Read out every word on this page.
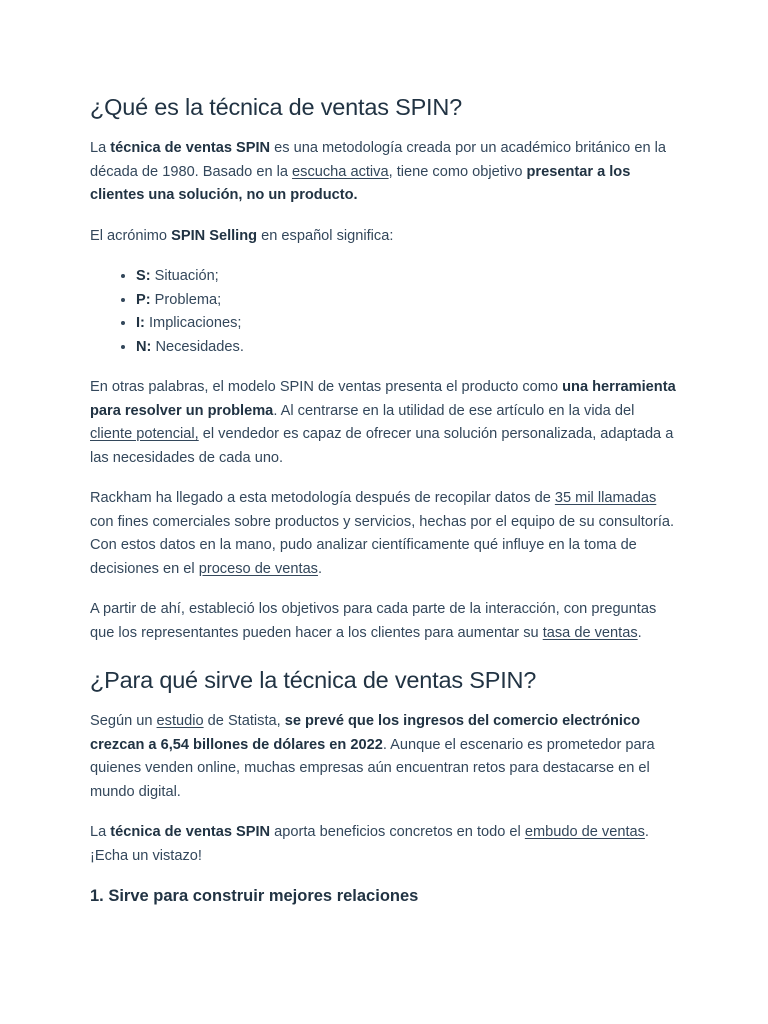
¿Qué es la técnica de ventas SPIN?

La técnica de ventas SPIN es una metodología creada por un académico británico en la década de 1980. Basado en la escucha activa, tiene como objetivo presentar a los clientes una solución, no un producto.

El acrónimo SPIN Selling en español significa:

• S: Situación;
• P: Problema;
• I: Implicaciones;
• N: Necesidades.

En otras palabras, el modelo SPIN de ventas presenta el producto como una herramienta para resolver un problema. Al centrarse en la utilidad de ese artículo en la vida del cliente potencial, el vendedor es capaz de ofrecer una solución personalizada, adaptada a las necesidades de cada uno.

Rackham ha llegado a esta metodología después de recopilar datos de 35 mil llamadas con fines comerciales sobre productos y servicios, hechas por el equipo de su consultoría. Con estos datos en la mano, pudo analizar científicamente qué influye en la toma de decisiones en el proceso de ventas.

A partir de ahí, estableció los objetivos para cada parte de la interacción, con preguntas que los representantes pueden hacer a los clientes para aumentar su tasa de ventas.

¿Para qué sirve la técnica de ventas SPIN?

Según un estudio de Statista, se prevé que los ingresos del comercio electrónico crezcan a 6,54 billones de dólares en 2022. Aunque el escenario es prometedor para quienes venden online, muchas empresas aún encuentran retos para destacarse en el mundo digital.

La técnica de ventas SPIN aporta beneficios concretos en todo el embudo de ventas. ¡Echa un vistazo!

1. Sirve para construir mejores relaciones
